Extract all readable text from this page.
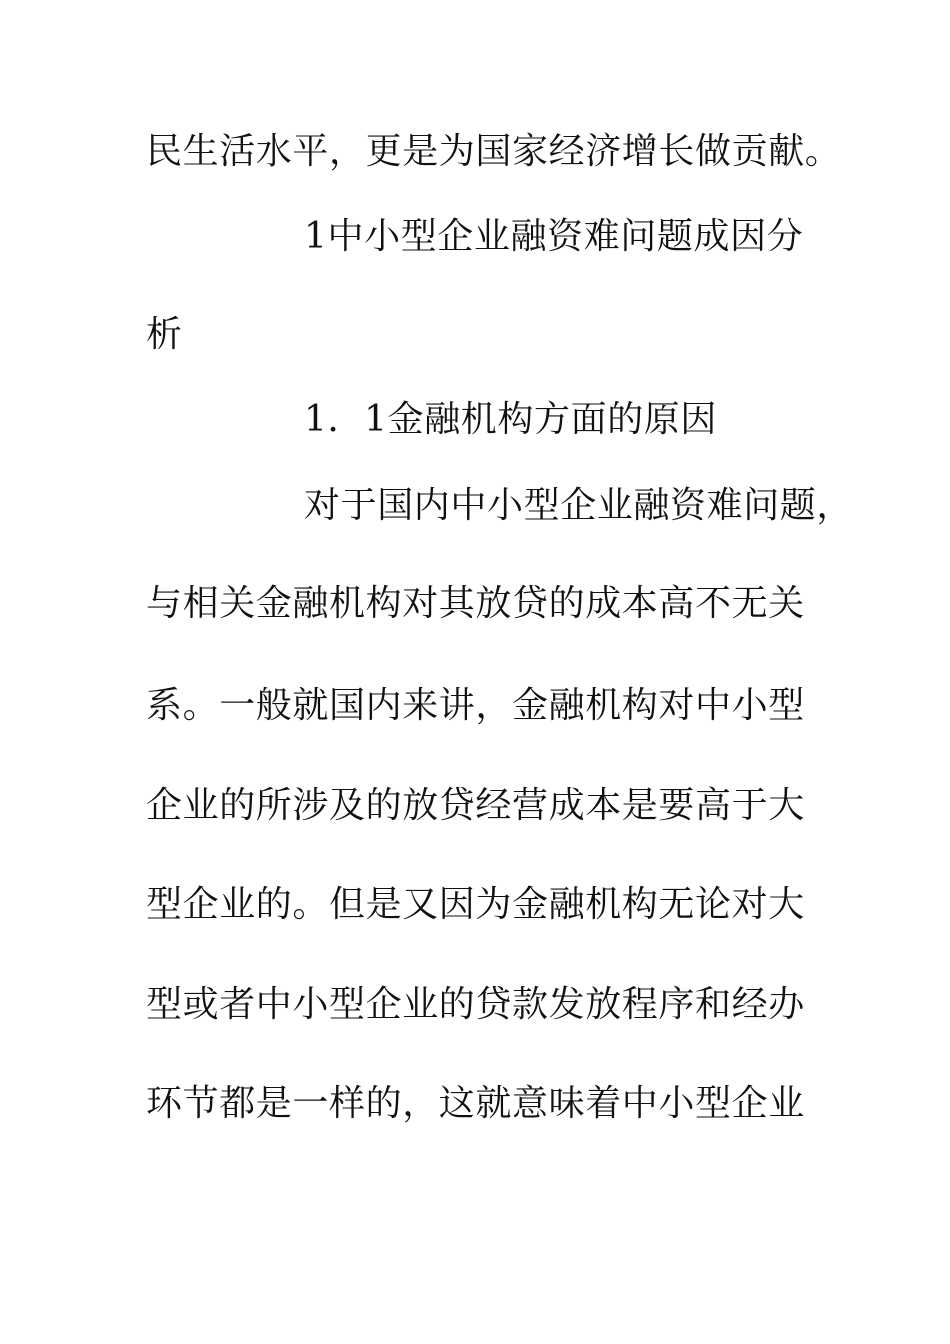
民生活水平，更是为国家经济增长做贡献。
1中小型企业融资难问题成因分
析
1．1金融机构方面的原因
对于国内中小型企业融资难问题，
与相关金融机构对其放贷的成本高不无关
系。一般就国内来讲，金融机构对中小型
企业的所涉及的放贷经营成本是要高于大
型企业的。但是又因为金融机构无论对大
型或者中小型企业的贷款发放程序和经办
环节都是一样的，这就意味着中小型企业
